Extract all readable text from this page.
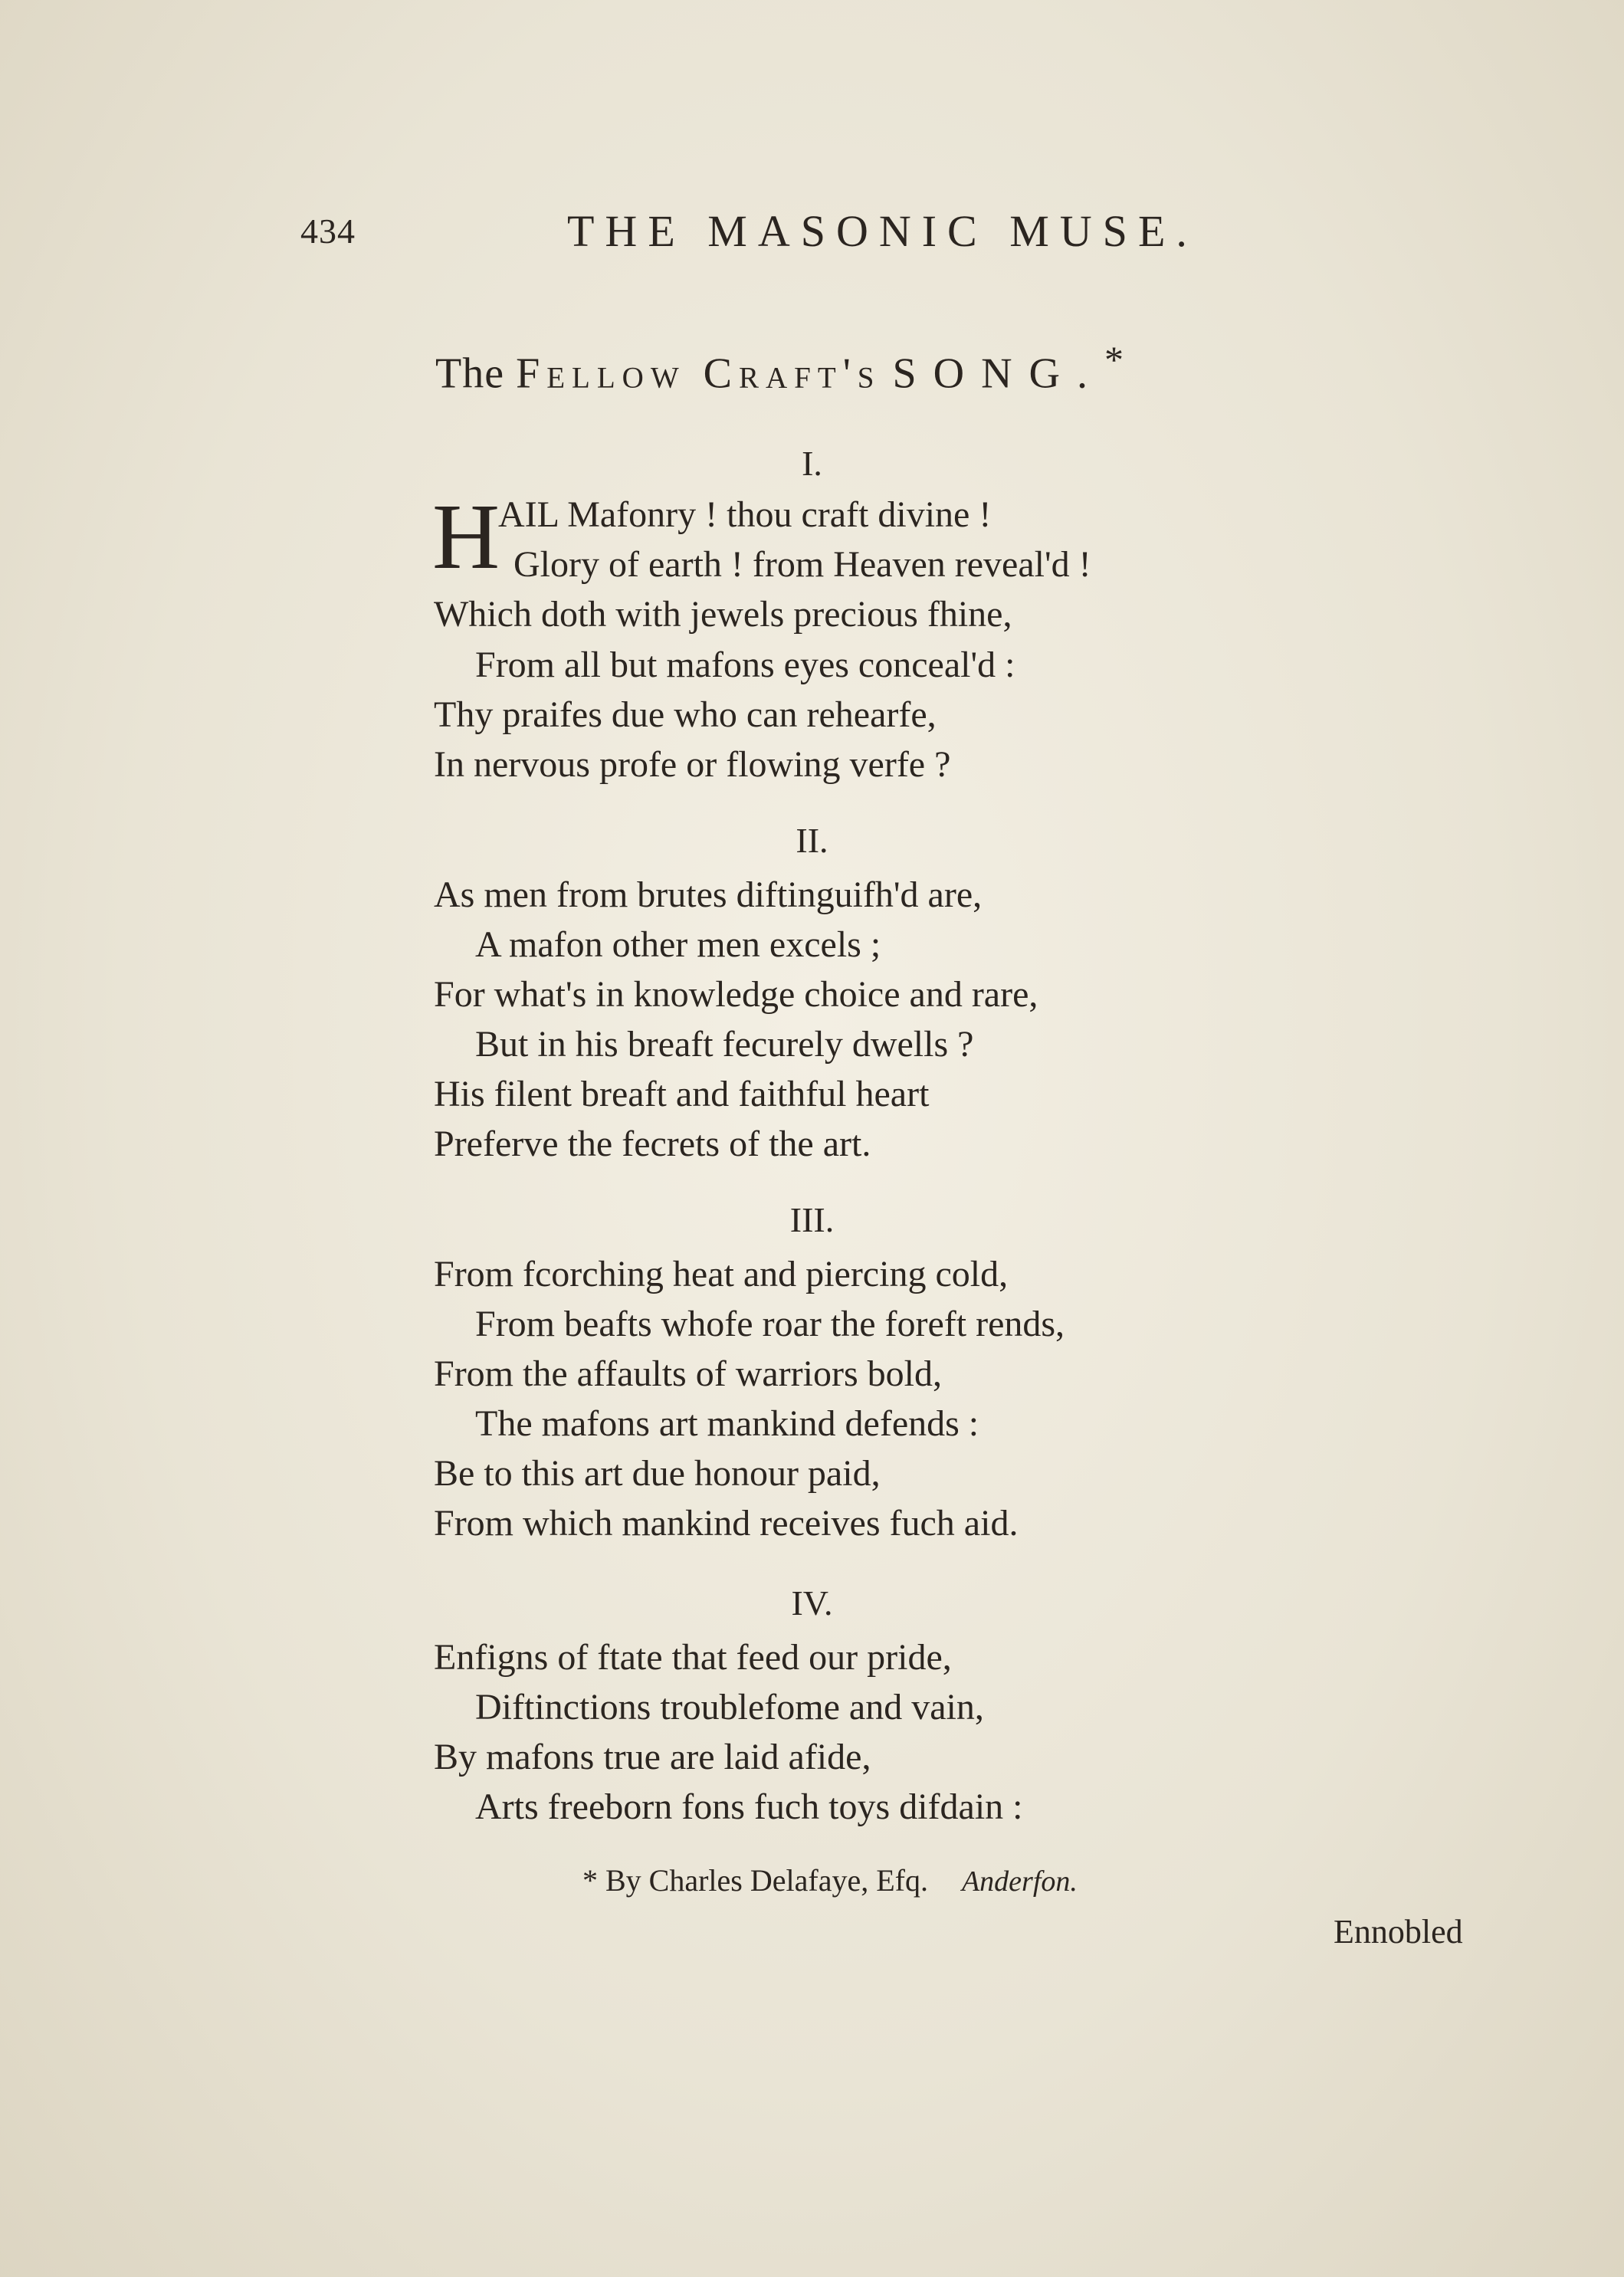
434	THE MASONIC MUSE.
The Fellow Craft's SONG.*
I.
H
AIL Mafonry ! thou craft divine !
Glory of earth ! from Heaven reveal'd !
Which doth with jewels precious fhine,
From all but mafons eyes conceal'd :
Thy praifes due who can rehearfe,
In nervous profe or flowing verfe ?
II.
As men from brutes diftinguifh'd are,
A mafon other men excels ;
For what's in knowledge choice and rare,
But in his breaft fecurely dwells ?
His filent breaft and faithful heart
Preferve the fecrets of the art.
III.
From fcorching heat and piercing cold,
From beafts whofe roar the foreft rends,
From the affaults of warriors bold,
The mafons art mankind defends :
Be to this art due honour paid,
From which mankind receives fuch aid.
IV.
Enfigns of ftate that feed our pride,
Diftinctions troublefome and vain,
By mafons true are laid afide,
Arts freeborn fons fuch toys difdain :
* By Charles Delafaye, Efq. Anderfon.
Ennobled
